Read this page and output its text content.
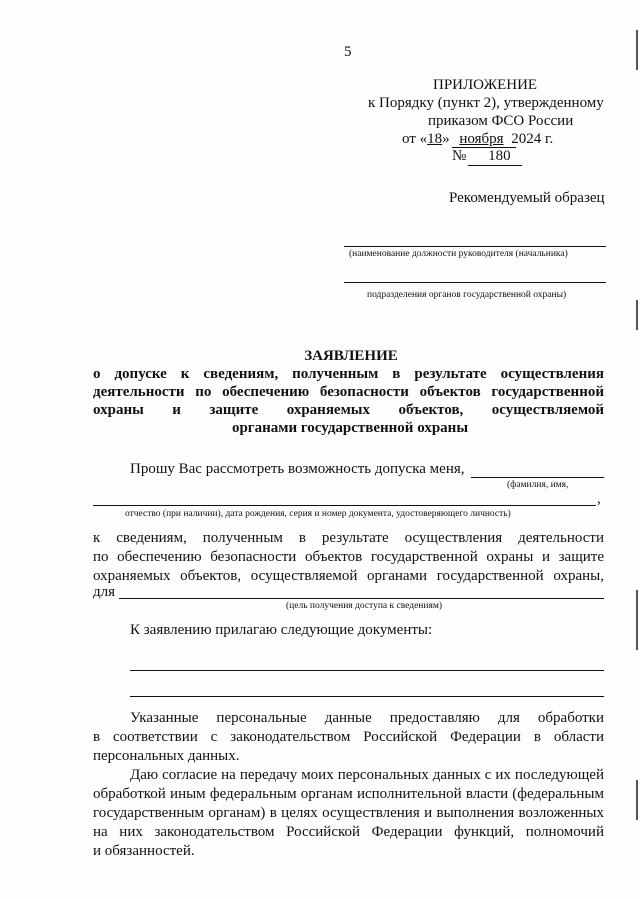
5
ПРИЛОЖЕНИЕ
к Порядку (пункт 2), утвержденному
приказом ФСО России
от «18» ноября 2024 г.
№ 180
Рекомендуемый образец
(наименование должности руководителя (начальника)
подразделения органов государственной охраны)
ЗАЯВЛЕНИЕ
о допуске к сведениям, полученным в результате осуществления
деятельности по обеспечению безопасности объектов государственной
охраны и защите охраняемых объектов, осуществляемой
органами государственной охраны
Прошу Вас рассмотреть возможность допуска меня,
(фамилия, имя,
,
отчество (при наличии), дата рождения, серия и номер документа, удостоверяющего личность)
к сведениям, полученным в результате осуществления деятельности
по обеспечению безопасности объектов государственной охраны и защите
охраняемых объектов, осуществляемой органами государственной охраны,
для
(цель получения доступа к сведениям)
К заявлению прилагаю следующие документы:
Указанные персональные данные предоставляю для обработки
в соответствии с законодательством Российской Федерации в области
персональных данных.
Даю согласие на передачу моих персональных данных с их последующей
обработкой иным федеральным органам исполнительной власти (федеральным
государственным органам) в целях осуществления и выполнения возложенных
на них законодательством Российской Федерации функций, полномочий
и обязанностей.
